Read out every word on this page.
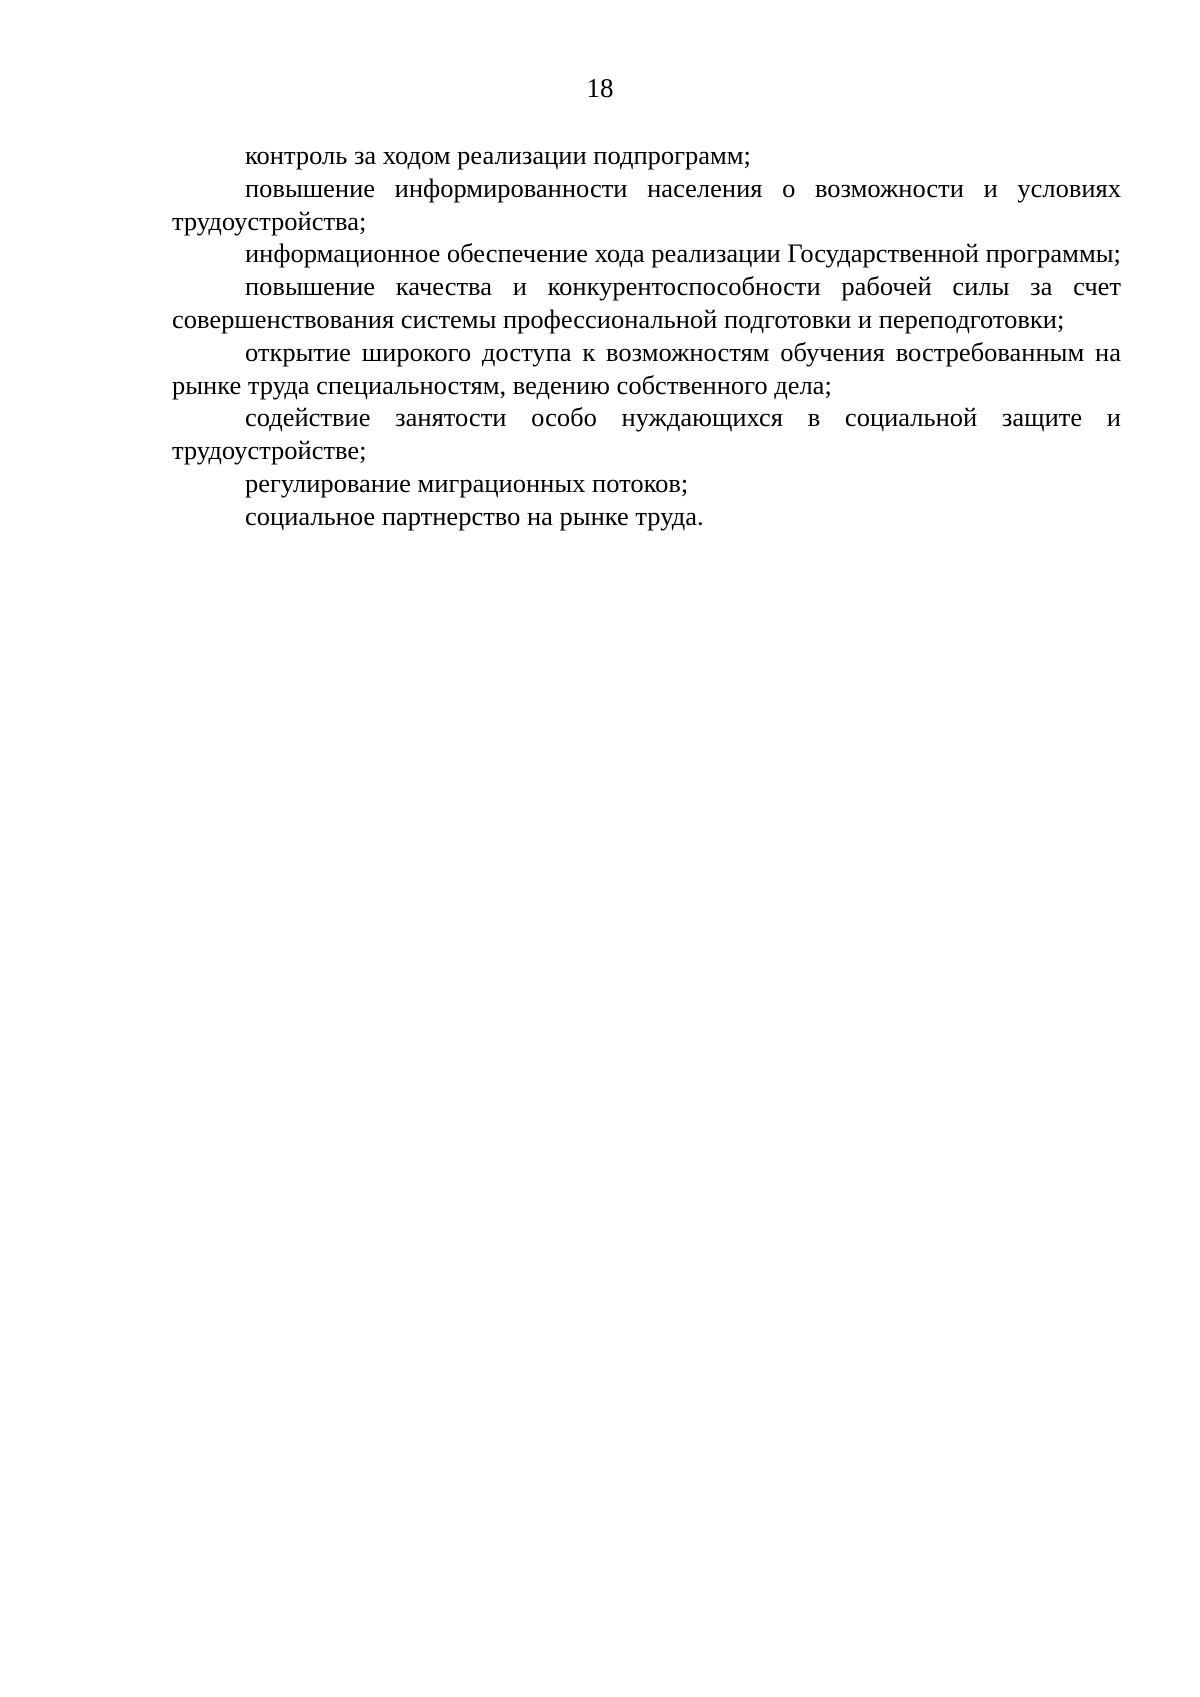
18

контроль за ходом реализации подпрограмм;

повышение информированности населения о возможности и условиях трудоустройства;

информационное обеспечение хода реализации Государственной программы;

повышение качества и конкурентоспособности рабочей силы за счет совершенствования системы профессиональной подготовки и переподготовки;

открытие широкого доступа к возможностям обучения востребованным на рынке труда специальностям, ведению собственного дела;

содействие занятости особо нуждающихся в социальной защите и трудоустройстве;

регулирование миграционных потоков;

социальное партнерство на рынке труда.
